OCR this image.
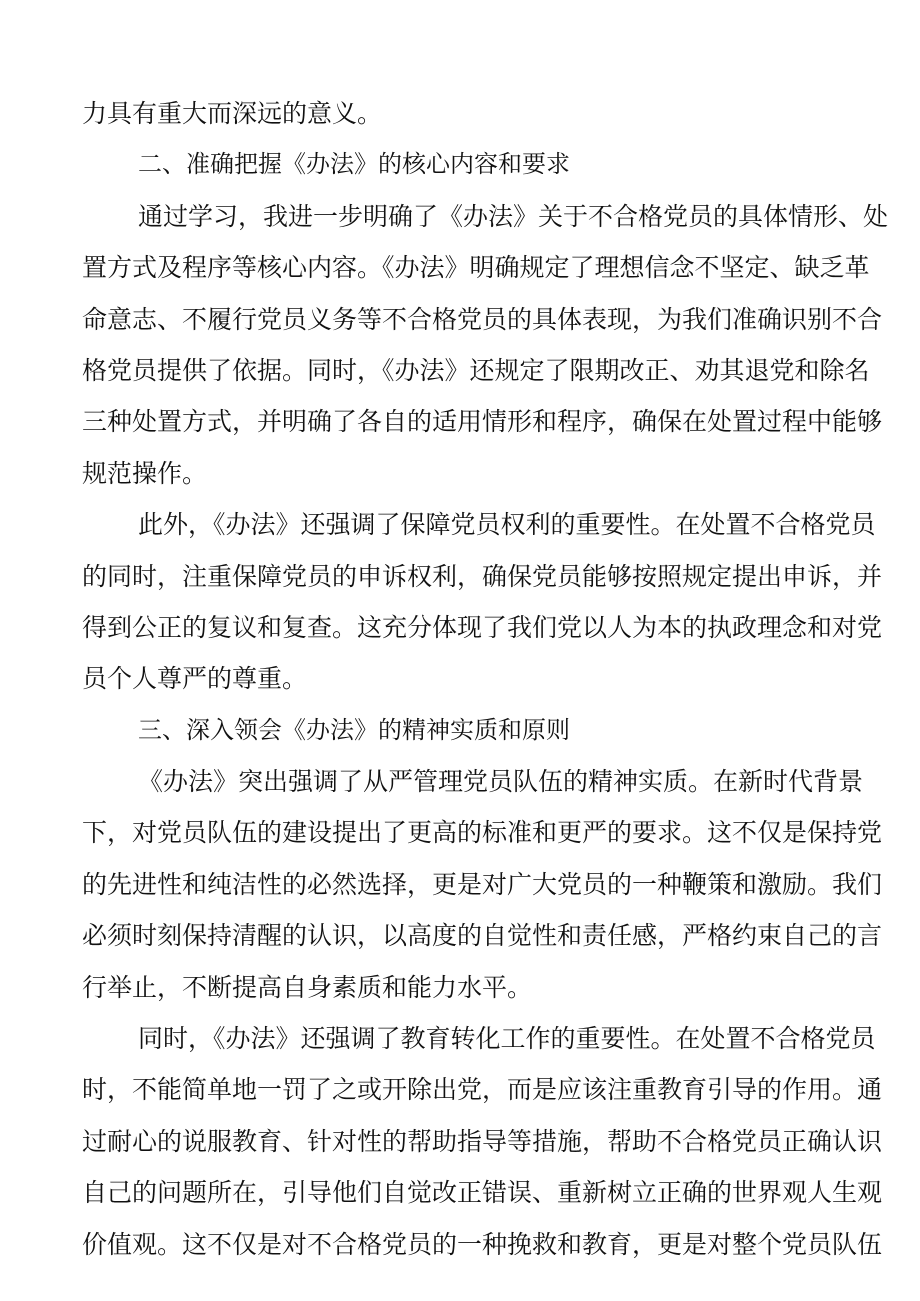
力具有重大而深远的意义。
二、准确把握《办法》的核心内容和要求
通过学习，我进一步明确了《办法》关于不合格党员的具体情形、处
置方式及程序等核心内容。《办法》明确规定了理想信念不坚定、缺乏革
命意志、不履行党员义务等不合格党员的具体表现，为我们准确识别不合
格党员提供了依据。同时，《办法》还规定了限期改正、劝其退党和除名
三种处置方式，并明确了各自的适用情形和程序，确保在处置过程中能够
规范操作。
此外，《办法》还强调了保障党员权利的重要性。在处置不合格党员
的同时，注重保障党员的申诉权利，确保党员能够按照规定提出申诉，并
得到公正的复议和复查。这充分体现了我们党以人为本的执政理念和对党
员个人尊严的尊重。
三、深入领会《办法》的精神实质和原则
《办法》突出强调了从严管理党员队伍的精神实质。在新时代背景
下，对党员队伍的建设提出了更高的标准和更严的要求。这不仅是保持党
的先进性和纯洁性的必然选择，更是对广大党员的一种鞭策和激励。我们
必须时刻保持清醒的认识，以高度的自觉性和责任感，严格约束自己的言
行举止，不断提高自身素质和能力水平。
同时，《办法》还强调了教育转化工作的重要性。在处置不合格党员
时，不能简单地一罚了之或开除出党，而是应该注重教育引导的作用。通
过耐心的说服教育、针对性的帮助指导等措施，帮助不合格党员正确认识
自己的问题所在，引导他们自觉改正错误、重新树立正确的世界观人生观
价值观。这不仅是对不合格党员的一种挽救和教育，更是对整个党员队伍
